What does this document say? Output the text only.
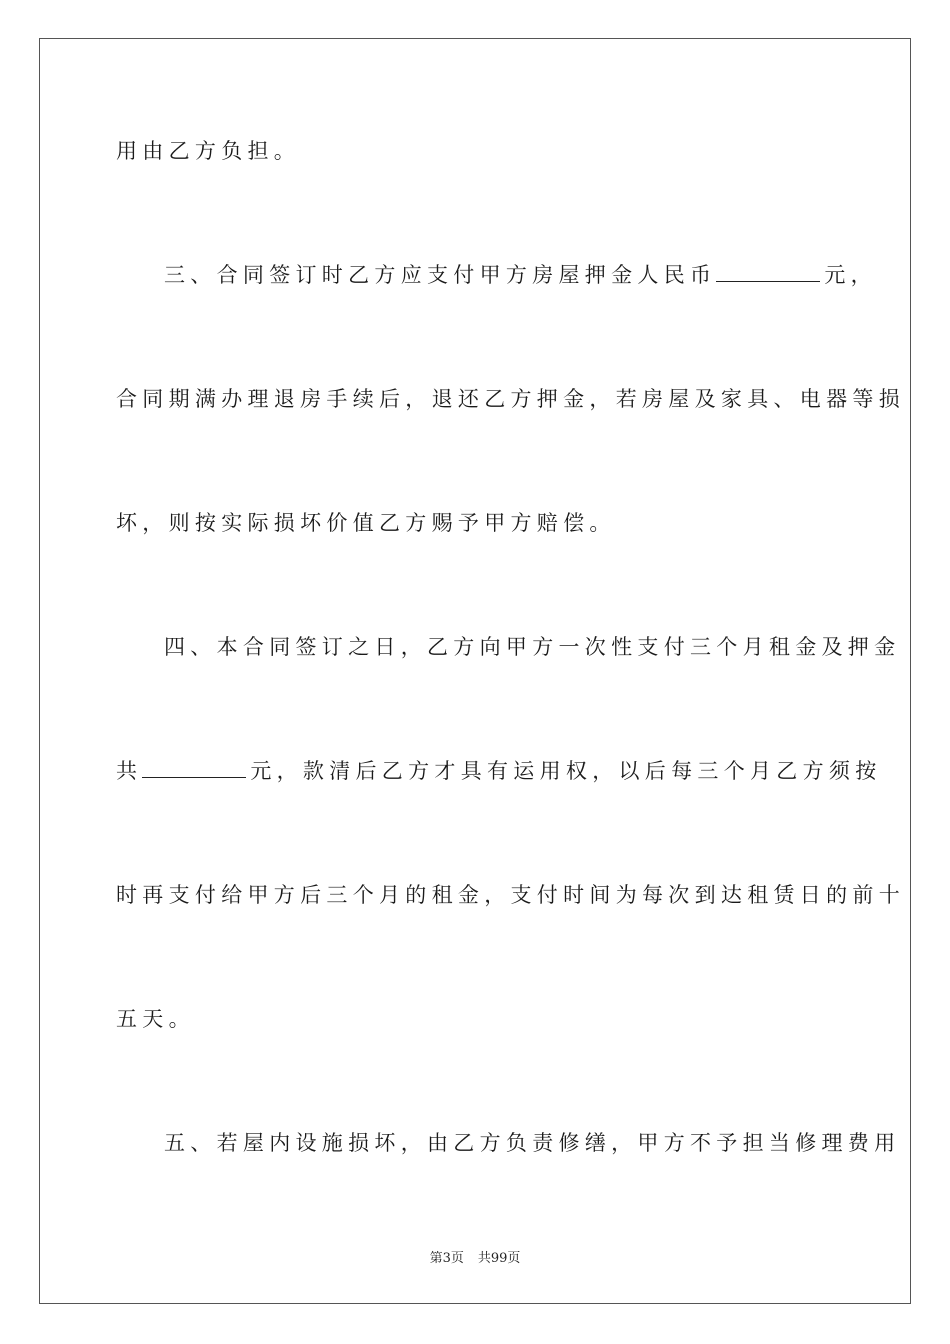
用由乙方负担。
三、合同签订时乙方应支付甲方房屋押金人民币	元，
合同期满办理退房手续后，退还乙方押金，若房屋及家具、电器等损
坏，则按实际损坏价值乙方赐予甲方赔偿。
四、本合同签订之日，乙方向甲方一次性支付三个月租金及押金
共	元，款清后乙方才具有运用权，以后每三个月乙方须按
时再支付给甲方后三个月的租金，支付时间为每次到达租赁日的前十
五天。
五、若屋内设施损坏，由乙方负责修缮，甲方不予担当修理费用
第3页 共99页
